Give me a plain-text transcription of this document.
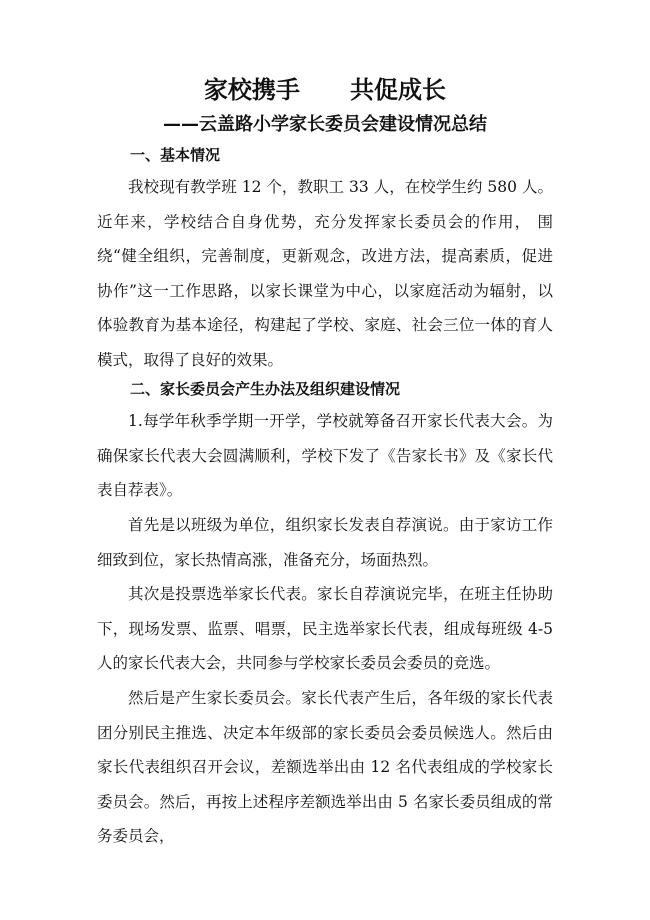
家校携手      共促成长
——云盖路小学家长委员会建设情况总结
一、基本情况

我校现有教学班 12 个，教职工 33 人，在校学生约 580 人。近年来，学校结合自身优势，充分发挥家长委员会的作用， 围绕“健全组织，完善制度，更新观念，改进方法，提高素质，促进协作”这一工作思路，以家长课堂为中心，以家庭活动为辐射，以体验教育为基本途径，构建起了学校、家庭、社会三位一体的育人模式，取得了良好的效果。

二、家长委员会产生办法及组织建设情况

1.每学年秋季学期一开学，学校就筹备召开家长代表大会。为确保家长代表大会圆满顺利，学校下发了《告家长书》及《家长代表自荐表》。

首先是以班级为单位，组织家长发表自荐演说。由于家访工作细致到位，家长热情高涨，准备充分，场面热烈。

其次是投票选举家长代表。家长自荐演说完毕，在班主任协助下，现场发票、监票、唱票，民主选举家长代表，组成每班级 4-5 人的家长代表大会，共同参与学校家长委员会委员的竞选。

然后是产生家长委员会。家长代表产生后，各年级的家长代表团分别民主推选、决定本年级部的家长委员会委员候选人。然后由家长代表组织召开会议，差额选举出由 12 名代表组成的学校家长委员会。然后，再按上述程序差额选举出由 5 名家长委员组成的常务委员会，
